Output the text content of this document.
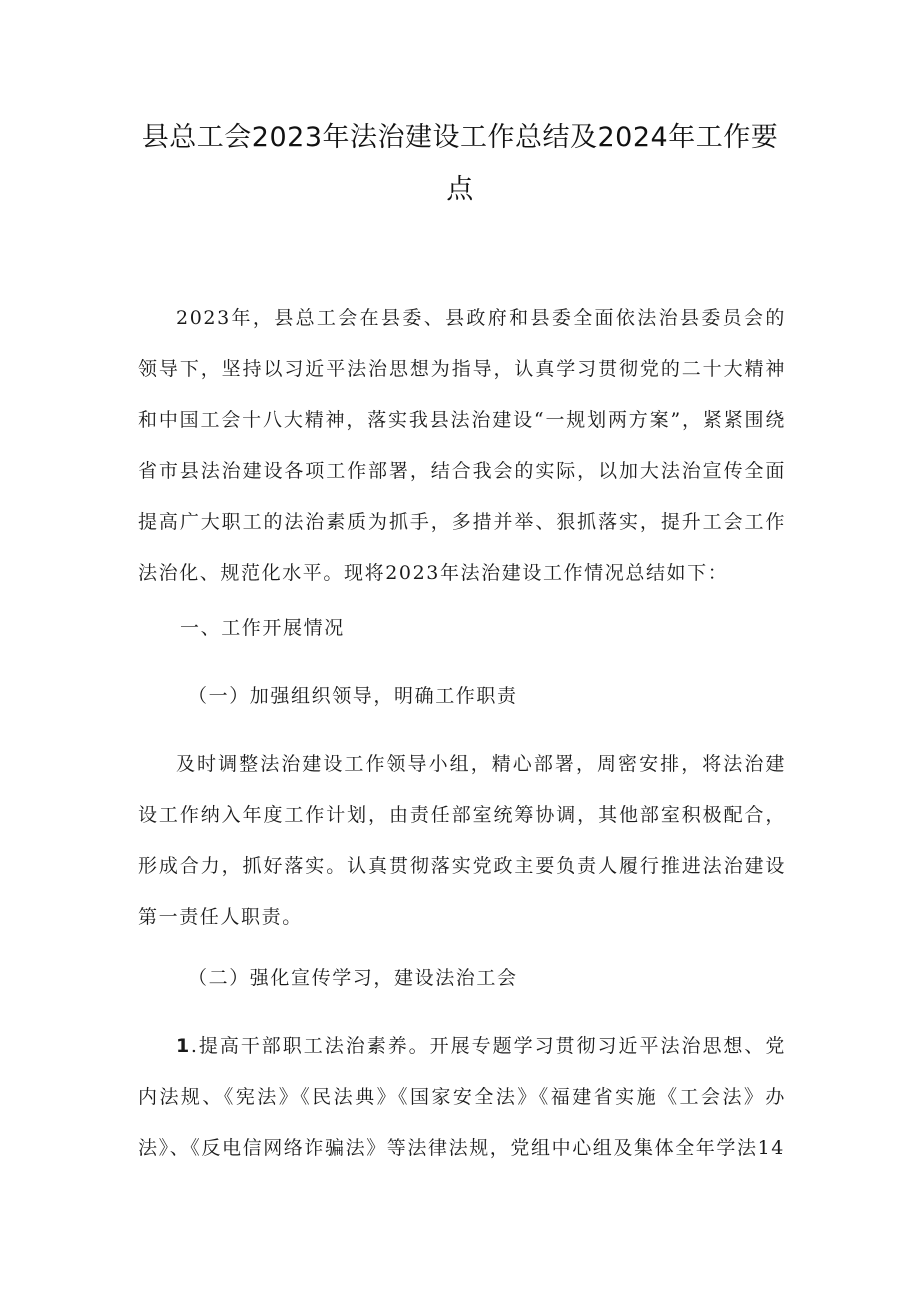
县总工会2023年法治建设工作总结及2024年工作要点

2023年，县总工会在县委、县政府和县委全面依法治县委员会的领导下，坚持以习近平法治思想为指导，认真学习贯彻党的二十大精神和中国工会十八大精神，落实我县法治建设“一规划两方案”，紧紧围绕省市县法治建设各项工作部署，结合我会的实际，以加大法治宣传全面提高广大职工的法治素质为抓手，多措并举、狠抓落实，提升工会工作法治化、规范化水平。现将2023年法治建设工作情况总结如下：

一、工作开展情况

（一）加强组织领导，明确工作职责

及时调整法治建设工作领导小组，精心部署，周密安排，将法治建设工作纳入年度工作计划，由责任部室统筹协调，其他部室积极配合，形成合力，抓好落实。认真贯彻落实党政主要负责人履行推进法治建设第一责任人职责。

（二）强化宣传学习，建设法治工会

1.提高干部职工法治素养。开展专题学习贯彻习近平法治思想、党内法规、《宪法》《民法典》《国家安全法》《福建省实施《工会法》办法》、《反电信网络诈骗法》等法律法规，党组中心组及集体全年学法14
